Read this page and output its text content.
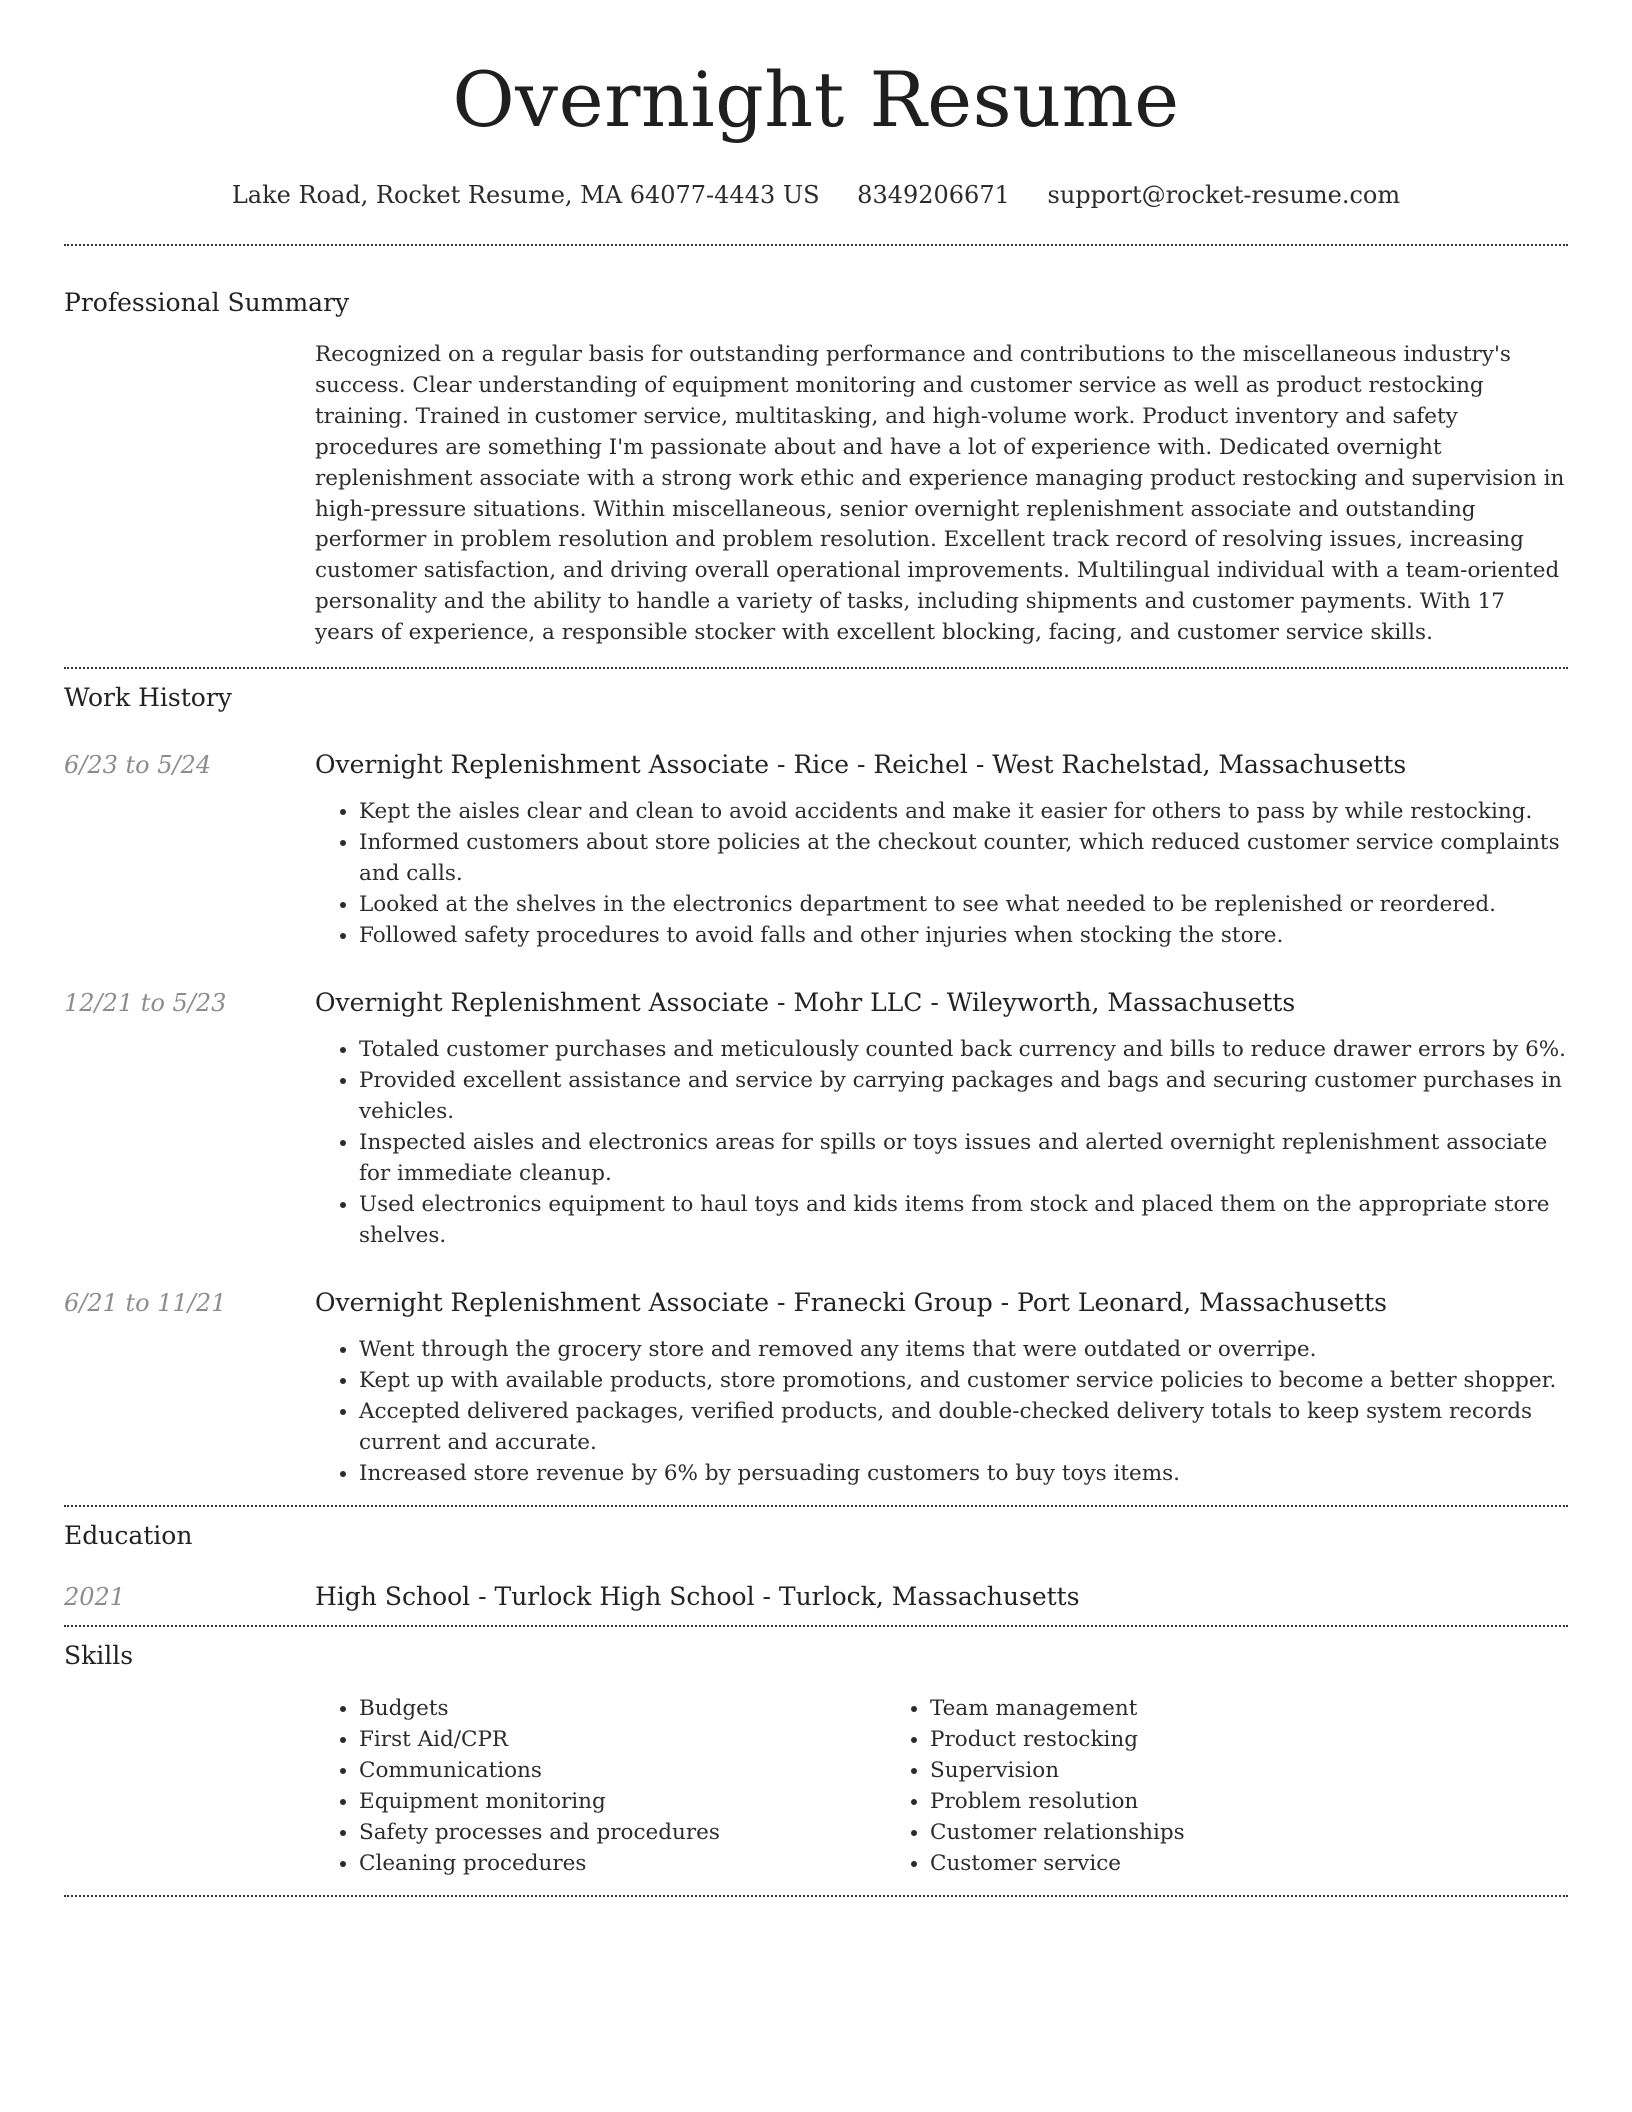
Overnight Resume
Lake Road, Rocket Resume, MA 64077-4443 US 8349206671 support@rocket-resume.com
Professional Summary
Recognized on a regular basis for outstanding performance and contributions to the miscellaneous industry's success. Clear understanding of equipment monitoring and customer service as well as product restocking training. Trained in customer service, multitasking, and high-volume work. Product inventory and safety procedures are something I'm passionate about and have a lot of experience with. Dedicated overnight replenishment associate with a strong work ethic and experience managing product restocking and supervision in high-pressure situations. Within miscellaneous, senior overnight replenishment associate and outstanding performer in problem resolution and problem resolution. Excellent track record of resolving issues, increasing customer satisfaction, and driving overall operational improvements. Multilingual individual with a team-oriented personality and the ability to handle a variety of tasks, including shipments and customer payments. With 17 years of experience, a responsible stocker with excellent blocking, facing, and customer service skills.
Work History
6/23 to 5/24	Overnight Replenishment Associate - Rice - Reichel - West Rachelstad, Massachusetts
• Kept the aisles clear and clean to avoid accidents and make it easier for others to pass by while restocking.
• Informed customers about store policies at the checkout counter, which reduced customer service complaints and calls.
• Looked at the shelves in the electronics department to see what needed to be replenished or reordered.
• Followed safety procedures to avoid falls and other injuries when stocking the store.
12/21 to 5/23	Overnight Replenishment Associate - Mohr LLC - Wileyworth, Massachusetts
• Totaled customer purchases and meticulously counted back currency and bills to reduce drawer errors by 6%.
• Provided excellent assistance and service by carrying packages and bags and securing customer purchases in vehicles.
• Inspected aisles and electronics areas for spills or toys issues and alerted overnight replenishment associate for immediate cleanup.
• Used electronics equipment to haul toys and kids items from stock and placed them on the appropriate store shelves.
6/21 to 11/21	Overnight Replenishment Associate - Franecki Group - Port Leonard, Massachusetts
• Went through the grocery store and removed any items that were outdated or overripe.
• Kept up with available products, store promotions, and customer service policies to become a better shopper.
• Accepted delivered packages, verified products, and double-checked delivery totals to keep system records current and accurate.
• Increased store revenue by 6% by persuading customers to buy toys items.
Education
2021	High School - Turlock High School - Turlock, Massachusetts
Skills
• Budgets
• First Aid/CPR
• Communications
• Equipment monitoring
• Safety processes and procedures
• Cleaning procedures
• Team management
• Product restocking
• Supervision
• Problem resolution
• Customer relationships
• Customer service
